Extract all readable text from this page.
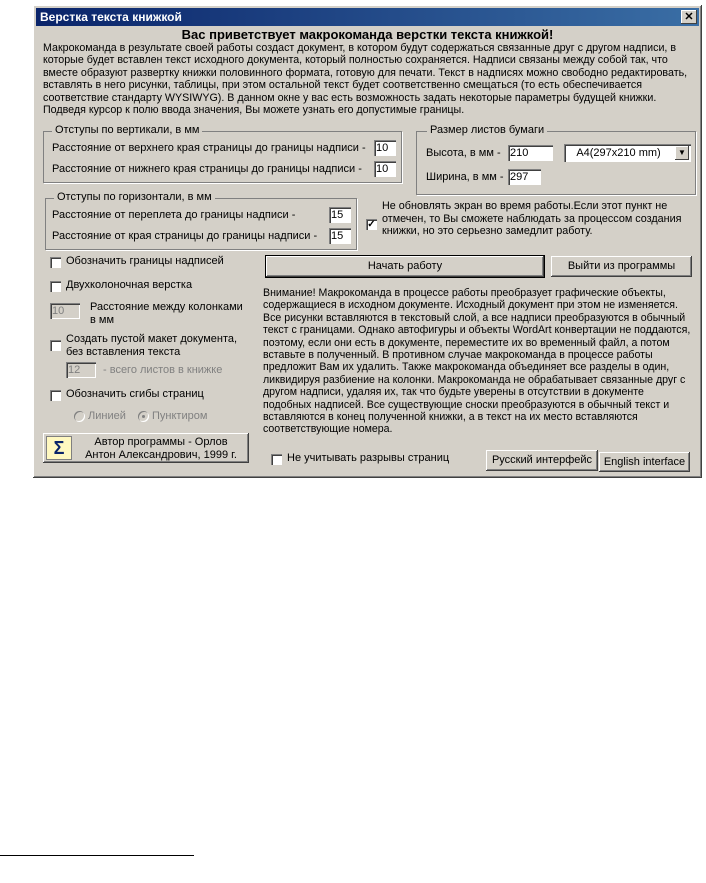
Верстка текста книжкой	✕
Вас приветствует макрокоманда верстки текста книжкой!
Макрокоманда в результате своей работы создаст документ, в котором будут содержаться связанные друг с другом надписи, в которые будет вставлен текст исходного документа, который полностью сохраняется. Надписи связаны между собой так, что вместе образуют развертку книжки половинного формата, готовую для печати. Текст в надписях можно свободно редактировать, вставлять в него рисунки, таблицы, при этом остальной текст будет соответственно смещаться (то есть обеспечивается соответствие стандарту WYSIWYG). В данном окне у вас есть возможность задать некоторые параметры будущей книжки. Подведя курсор к полю ввода значения, Вы можете узнать его допустимые границы.
Отступы по вертикали, в мм
Расстояние от верхнего края страницы до границы надписи - 10
Расстояние от нижнего края страницы до границы надписи - 10
Размер листов бумаги
Высота, в мм - 210	A4(297x210 mm)	▼
Ширина, в мм - 297
Отступы по горизонтали, в мм
Расстояние от переплета до границы надписи -	15
Расстояние от края страницы до границы надписи - 15
✓
Не обновлять экран во время работы.Если этот пункт не отмечен, то Вы сможете наблюдать за процессом создания книжки, но это серьезно замедлит работу.
Обозначить границы надписей
Двухколоночная верстка
10	Расстояние между колонками в мм
Создать пустой макет документа, без вставления текста
12	- всего листов в книжке
Обозначить сгибы страниц
Линией Пунктиром
Σ	Автор программы - Орлов
Антон Александрович, 1999 г.
Начать работу	Выйти из программы
Внимание! Макрокоманда в процессе работы преобразует графические объекты, содержащиеся в исходном документе. Исходный документ при этом не изменяется. Все рисунки вставляются в текстовый слой, а все надписи преобразуются в обычный текст с границами. Однако автофигуры и объекты WordArt конвертации не поддаются, поэтому, если они есть в документе, переместите их во временный файл, а потом вставьте в полученный. В противном случае макрокоманда в процессе работы предложит Вам их удалить. Также макрокоманда объединяет все разделы в один, ликвидируя разбиение на колонки. Макрокоманда не обрабатывает связанные друг с другом надписи, удаляя их, так что будьте уверены в отсутствии в документе подобных надписей. Все существующие сноски преобразуются в обычный текст и вставляются в конец полученной книжки, а в текст на их место вставляются соответствующие номера.
Не учитывать разрывы страниц	Русский интерфейс	English interface
